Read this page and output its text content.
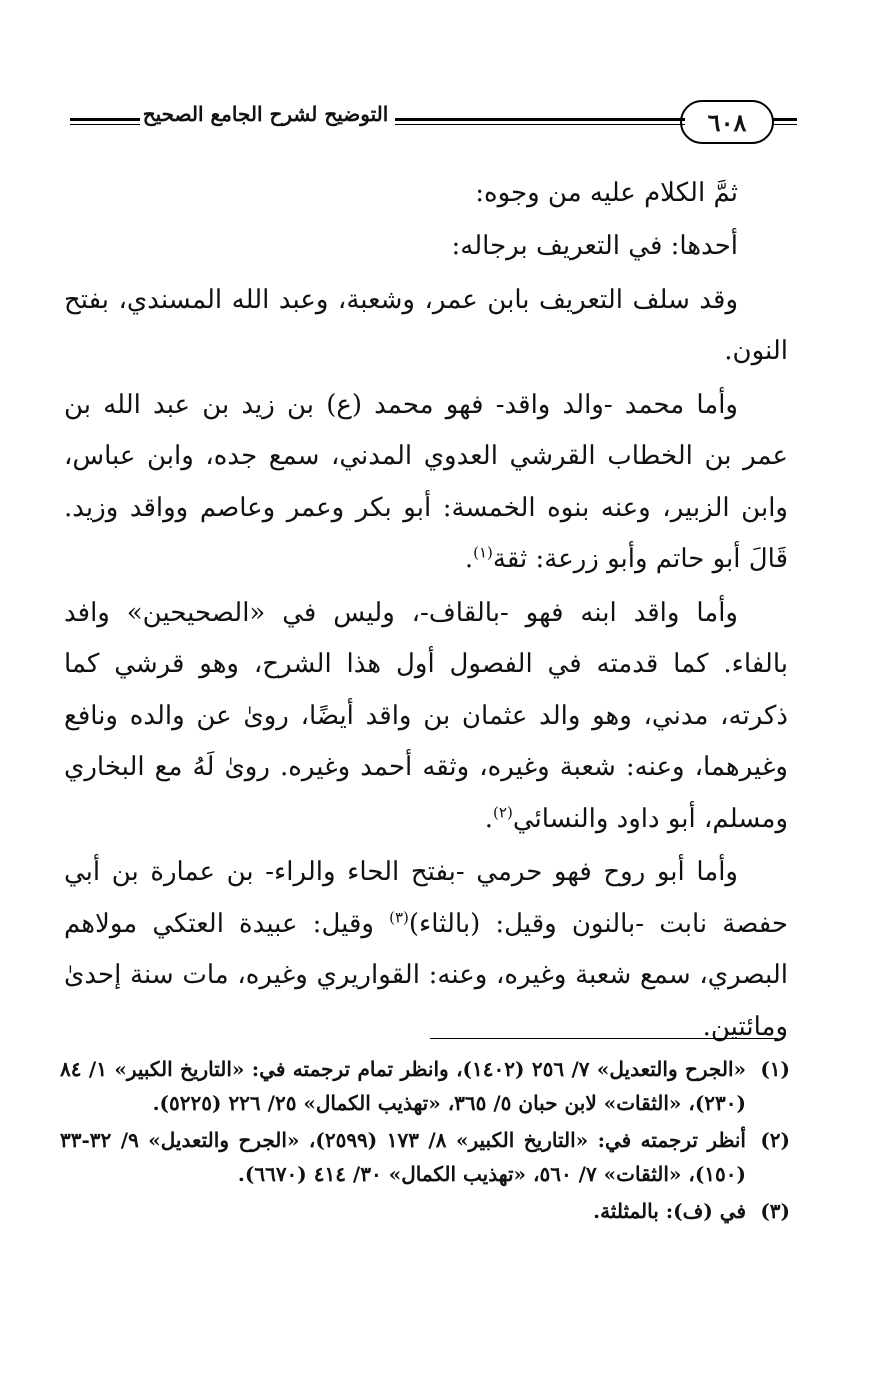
التوضيح لشرح الجامع الصحيح	٦٠٨

ثمَّ الكلام عليه من وجوه:

أحدها: في التعريف برجاله:

وقد سلف التعريف بابن عمر، وشعبة، وعبد الله المسندي، بفتح النون.

وأما محمد -والد واقد- فهو محمد (ع) بن زيد بن عبد الله بن عمر بن الخطاب القرشي العدوي المدني، سمع جده، وابن عباس، وابن الزبير، وعنه بنوه الخمسة: أبو بكر وعمر وعاصم وواقد وزيد. قَالَ أبو حاتم وأبو زرعة: ثقة$^{(١)}$.

وأما واقد ابنه فهو -بالقاف-، وليس في «الصحيحين» وافد بالفاء. كما قدمته في الفصول أول هذا الشرح، وهو قرشي كما ذكرته، مدني، وهو والد عثمان بن واقد أيضًا، روىٰ عن والده ونافع وغيرهما، وعنه: شعبة وغيره، وثقه أحمد وغيره. روىٰ لَهُ مع البخاري ومسلم، أبو داود والنسائي$^{(٢)}$.

وأما أبو روح فهو حرمي -بفتح الحاء والراء- بن عمارة بن أبي حفصة نابت -بالنون وقيل: (بالثاء)$^{(٣)}$ وقيل: عبيدة العتكي مولاهم البصري، سمع شعبة وغيره، وعنه: القواريري وغيره، مات سنة إحدىٰ ومائتين.

(١)
«الجرح والتعديل» ٧/ ٢٥٦ (١٤٠٢)، وانظر تمام ترجمته في: «التاريخ الكبير» ١/ ٨٤ (٢٣٠)، «الثقات» لابن حبان ٥/ ٣٦٥، «تهذيب الكمال» ٢٥/ ٢٢٦ (٥٢٢٥).
(٢)
أنظر ترجمته في: «التاريخ الكبير» ٨/ ١٧٣ (٢٥٩٩)، «الجرح والتعديل» ٩/ ٣٢-٣٣ (١٥٠)، «الثقات» ٧/ ٥٦٠، «تهذيب الكمال» ٣٠/ ٤١٤ (٦٦٧٠).
(٣)
في (ف): بالمثلثة.
